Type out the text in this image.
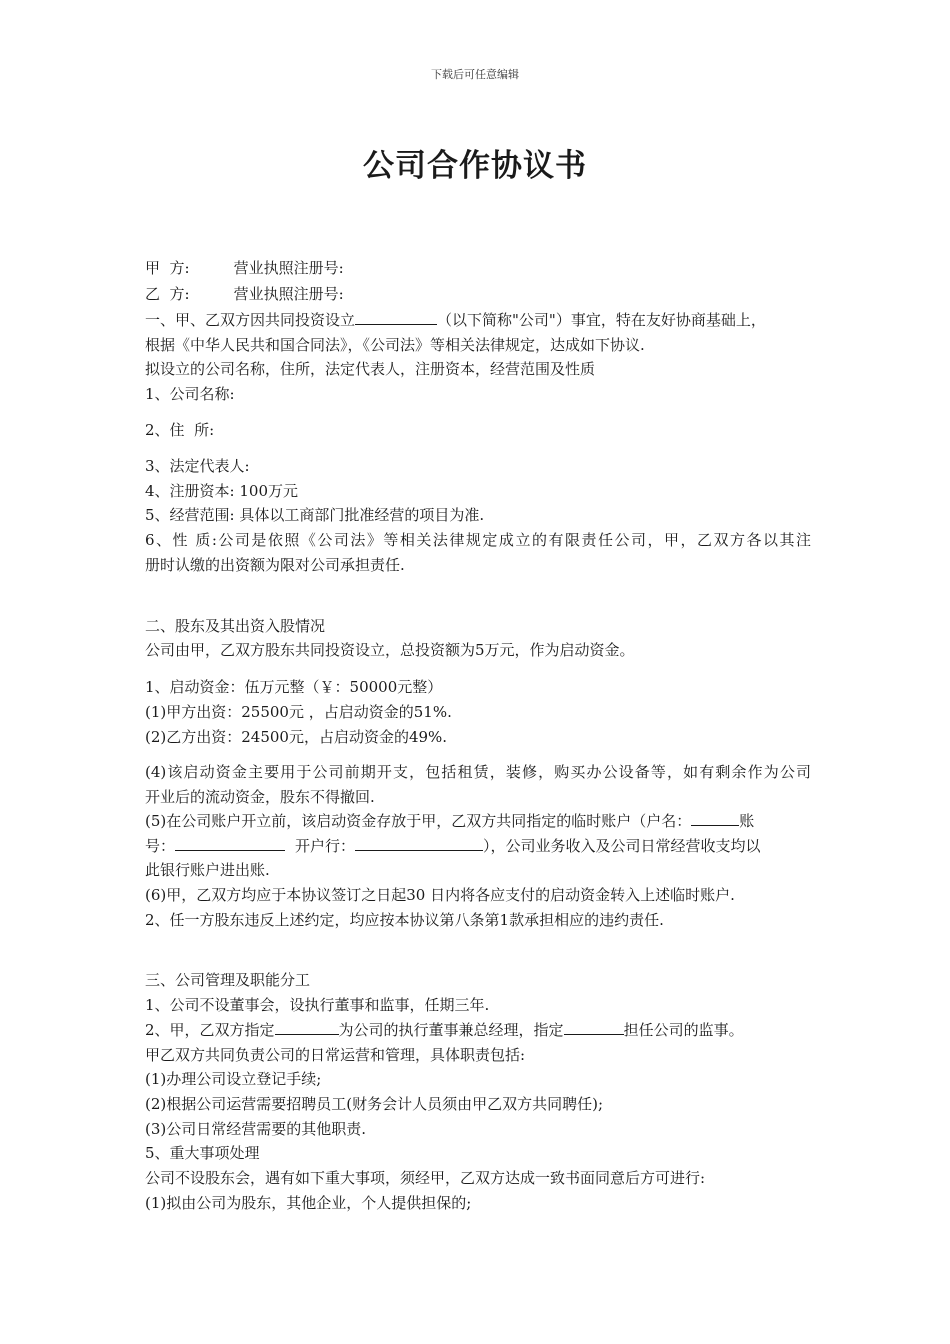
下载后可任意编辑
公司合作协议书
甲  方:	营业执照注册号:
乙  方:	营业执照注册号:
一、甲、乙双方因共同投资设立	（以下简称"公司"）事宜，特在友好协商基础上，
根据《中华人民共和国合同法》，《公司法》等相关法律规定，达成如下协议.
拟设立的公司名称，住所，法定代表人，注册资本，经营范围及性质
1、公司名称:
2、住  所:
3、法定代表人:
4、注册资本: 100万元
5、经营范围: 具体以工商部门批准经营的项目为准.
6、性 质:公司是依照《公司法》等相关法律规定成立的有限责任公司，甲，乙双方各以其注
册时认缴的出资额为限对公司承担责任.
二、股东及其出资入股情况
公司由甲，乙双方股东共同投资设立，总投资额为5万元，作为启动资金。
1、启动资金：伍万元整（￥：50000元整）
(1)甲方出资：25500元 ，占启动资金的51%.
(2)乙方出资：24500元，占启动资金的49%.
(4)该启动资金主要用于公司前期开支，包括租赁，装修，购买办公设备等，如有剩余作为公司
开业后的流动资金，股东不得撤回.
(5)在公司账户开立前，该启动资金存放于甲，乙双方共同指定的临时账户（户名：	账
号：	开户行：	），公司业务收入及公司日常经营收支均以
此银行账户进出账.
(6)甲，乙双方均应于本协议签订之日起30 日内将各应支付的启动资金转入上述临时账户.
2、任一方股东违反上述约定，均应按本协议第八条第1款承担相应的违约责任.
三、公司管理及职能分工
1、公司不设董事会，设执行董事和监事，任期三年.
2、甲，乙双方指定	为公司的执行董事兼总经理，指定	担任公司的监事。
甲乙双方共同负责公司的日常运营和管理，具体职责包括:
(1)办理公司设立登记手续;
(2)根据公司运营需要招聘员工(财务会计人员须由甲乙双方共同聘任);
(3)公司日常经营需要的其他职责.
5、重大事项处理
公司不设股东会，遇有如下重大事项，须经甲，乙双方达成一致书面同意后方可进行:
(1)拟由公司为股东，其他企业，个人提供担保的;
